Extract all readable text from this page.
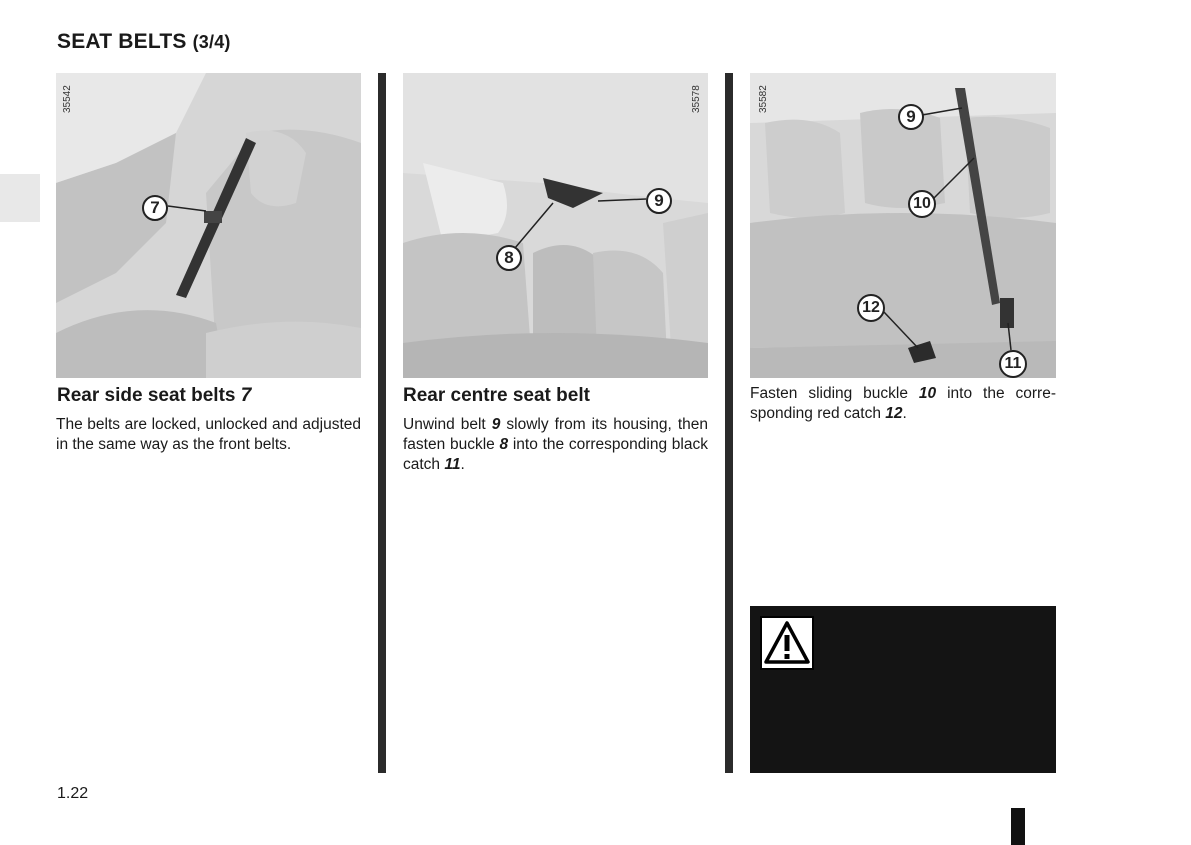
SEAT BELTS (3/4)
35542
7
Rear side seat belts 7
The belts are locked, unlocked and adjusted in the same way as the front belts.
35578
9
8
Rear centre seat belt
Unwind belt 9 slowly from its housing, then fasten buckle 8 into the corresponding black catch 11.
35582
9
10
12
11
Fasten sliding buckle 10 into the corresponding red catch 12.
1.22
